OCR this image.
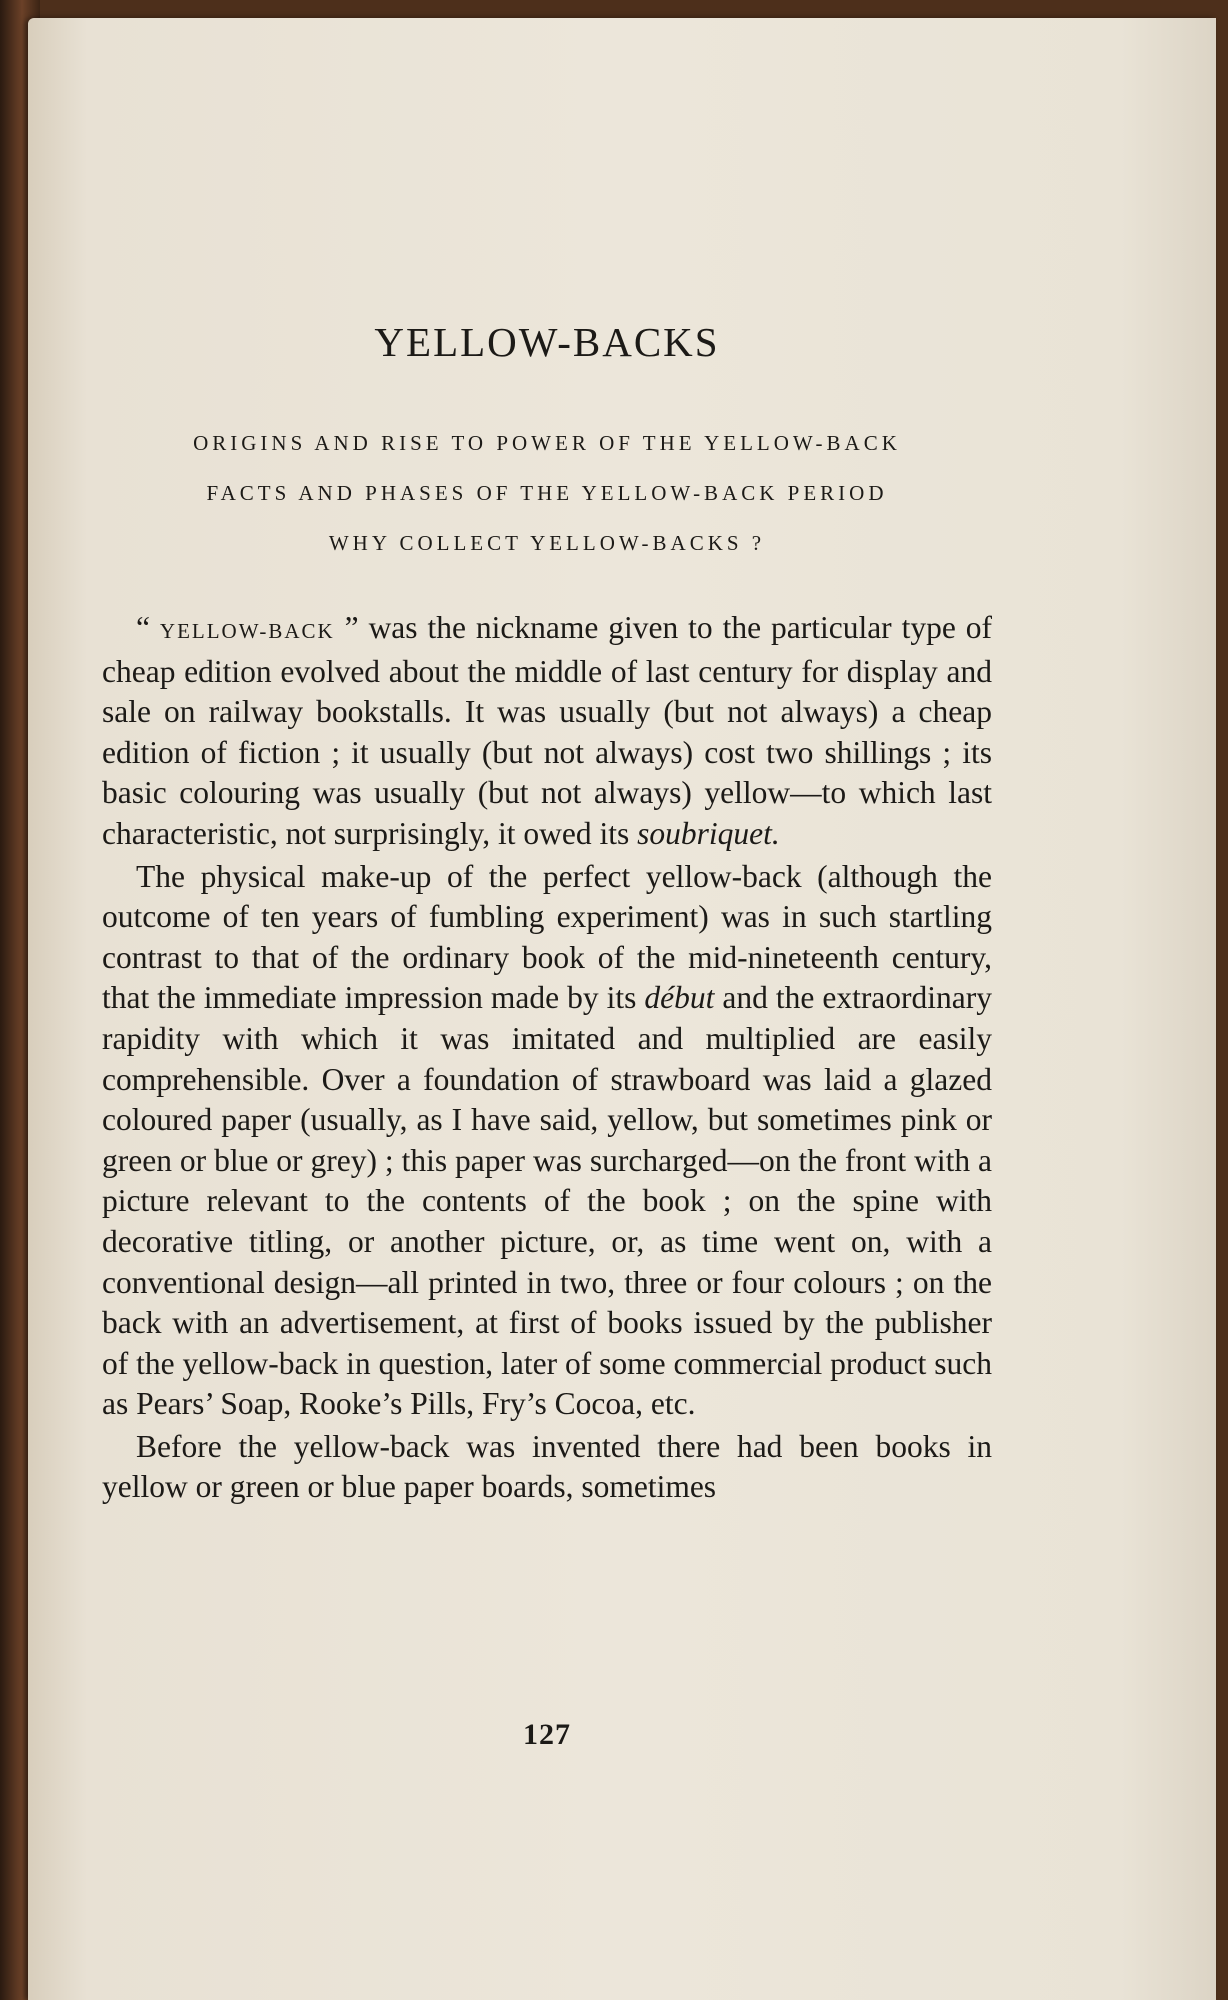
YELLOW-BACKS

ORIGINS AND RISE TO POWER OF THE YELLOW-BACK

FACTS AND PHASES OF THE YELLOW-BACK PERIOD

WHY COLLECT YELLOW-BACKS ?

“ YELLOW-BACK ” was the nickname given to the particular type of cheap edition evolved about the middle of last century for display and sale on railway bookstalls. It was usually (but not always) a cheap edition of fiction ; it usually (but not always) cost two shillings ; its basic colouring was usually (but not always) yellow—to which last characteristic, not surprisingly, it owed its soubriquet.

The physical make-up of the perfect yellow-back (although the outcome of ten years of fumbling experiment) was in such startling contrast to that of the ordinary book of the mid-nineteenth century, that the immediate impression made by its début and the extraordinary rapidity with which it was imitated and multiplied are easily comprehensible. Over a foundation of strawboard was laid a glazed coloured paper (usually, as I have said, yellow, but sometimes pink or green or blue or grey) ; this paper was surcharged—on the front with a picture relevant to the contents of the book ; on the spine with decorative titling, or another picture, or, as time went on, with a conventional design—all printed in two, three or four colours ; on the back with an advertisement, at first of books issued by the publisher of the yellow-back in question, later of some commercial product such as Pears’ Soap, Rooke’s Pills, Fry’s Cocoa, etc.

Before the yellow-back was invented there had been books in yellow or green or blue paper boards, sometimes

127
